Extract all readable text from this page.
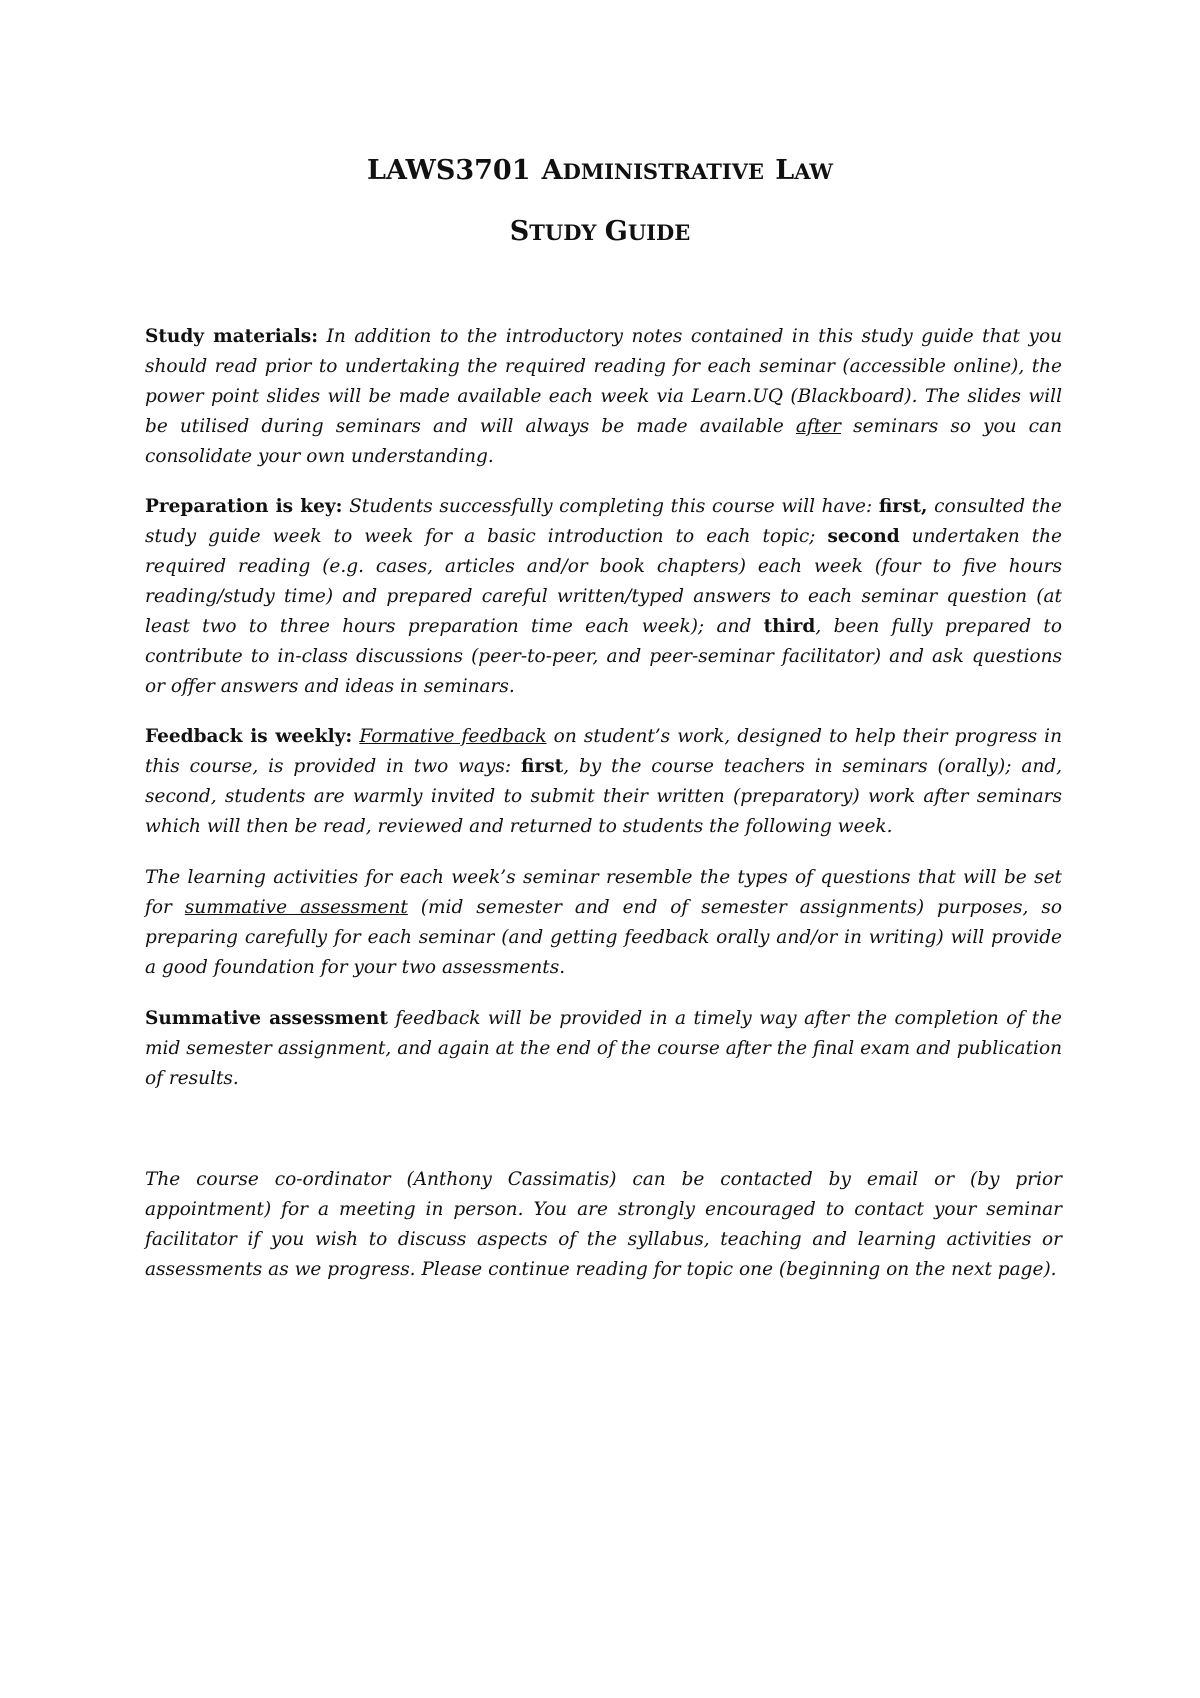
LAWS3701 ADMINISTRATIVE LAW
STUDY GUIDE

Study materials: In addition to the introductory notes contained in this study guide that you should read prior to undertaking the required reading for each seminar (accessible online), the power point slides will be made available each week via Learn.UQ (Blackboard). The slides will be utilised during seminars and will always be made available after seminars so you can consolidate your own understanding.

Preparation is key: Students successfully completing this course will have: first, consulted the study guide week to week for a basic introduction to each topic; second undertaken the required reading (e.g. cases, articles and/or book chapters) each week (four to five hours reading/study time) and prepared careful written/typed answers to each seminar question (at least two to three hours preparation time each week); and third, been fully prepared to contribute to in-class discussions (peer-to-peer, and peer-seminar facilitator) and ask questions or offer answers and ideas in seminars.

Feedback is weekly: Formative feedback on student’s work, designed to help their progress in this course, is provided in two ways: first, by the course teachers in seminars (orally); and, second, students are warmly invited to submit their written (preparatory) work after seminars which will then be read, reviewed and returned to students the following week.

The learning activities for each week’s seminar resemble the types of questions that will be set for summative assessment (mid semester and end of semester assignments) purposes, so preparing carefully for each seminar (and getting feedback orally and/or in writing) will provide a good foundation for your two assessments.

Summative assessment feedback will be provided in a timely way after the completion of the mid semester assignment, and again at the end of the course after the final exam and publication of results.

The course co-ordinator (Anthony Cassimatis) can be contacted by email or (by prior appointment) for a meeting in person. You are strongly encouraged to contact your seminar facilitator if you wish to discuss aspects of the syllabus, teaching and learning activities or assessments as we progress. Please continue reading for topic one (beginning on the next page).
